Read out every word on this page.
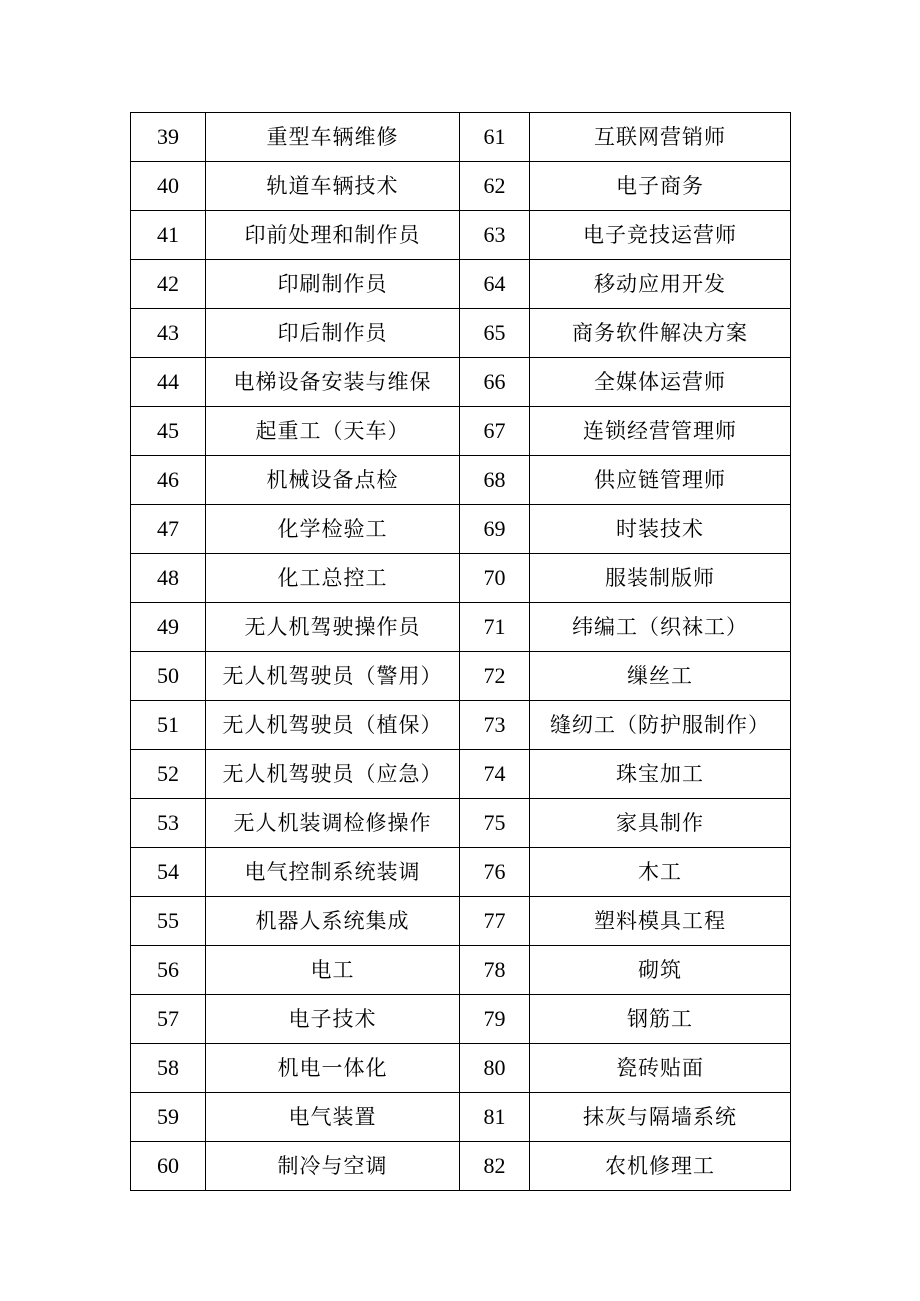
39	重型车辆维修	61	互联网营销师
40	轨道车辆技术	62	电子商务
41	印前处理和制作员	63	电子竞技运营师
42	印刷制作员	64	移动应用开发
43	印后制作员	65	商务软件解决方案
44	电梯设备安装与维保	66	全媒体运营师
45	起重工（天车）	67	连锁经营管理师
46	机械设备点检	68	供应链管理师
47	化学检验工	69	时装技术
48	化工总控工	70	服装制版师
49	无人机驾驶操作员	71	纬编工（织袜工）
50	无人机驾驶员（警用）	72	缫丝工
51	无人机驾驶员（植保）	73	缝纫工（防护服制作）
52	无人机驾驶员（应急）	74	珠宝加工
53	无人机装调检修操作	75	家具制作
54	电气控制系统装调	76	木工
55	机器人系统集成	77	塑料模具工程
56	电工	78	砌筑
57	电子技术	79	钢筋工
58	机电一体化	80	瓷砖贴面
59	电气装置	81	抹灰与隔墙系统
60	制冷与空调	82	农机修理工
